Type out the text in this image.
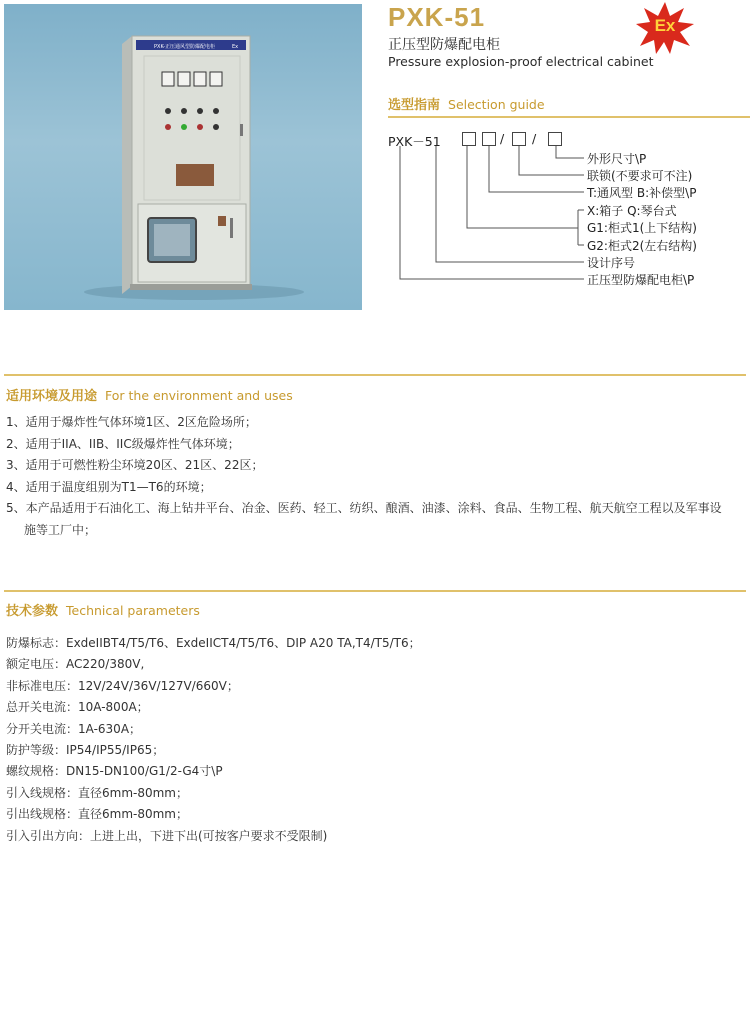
PXK-正压通风型防爆配电柜	Ex
PXK-51
正压型防爆配电柜
Pressure explosion-proof electrical cabinet
Ex
选型指南 Selection guide
PXK－51	/ /
外形尺寸\P
联锁(不要求可不注)
T:通风型 B:补偿型\P
X:箱子 Q:琴台式
G1:柜式1(上下结构)
G2:柜式2(左右结构)
设计序号
正压型防爆配电柜\P
适用环境及用途 For the environment and uses
1、适用于爆炸性气体环境1区、2区危险场所；
2、适用于IIA、IIB、IIC级爆炸性气体环境；
3、适用于可燃性粉尘环境20区、21区、22区；
4、适用于温度组别为T1—T6的环境；
5、本产品适用于石油化工、海上钻井平台、冶金、医药、轻工、纺织、酿酒、油漆、涂料、食品、生物工程、航天航空工程以及军事设
施等工厂中；
技术参数 Technical parameters
防爆标志：ExdeIIBT4/T5/T6、ExdeIICT4/T5/T6、DIP A20 TA,T4/T5/T6；
额定电压：AC220/380V,
非标准电压：12V/24V/36V/127V/660V；
总开关电流：10A-800A；
分开关电流：1A-630A；
防护等级：IP54/IP55/IP65；
螺纹规格：DN15-DN100/G1/2-G4寸\P
引入线规格：直径6mm-80mm；
引出线规格：直径6mm-80mm；
引入引出方向：上进上出，下进下出(可按客户要求不受限制)
